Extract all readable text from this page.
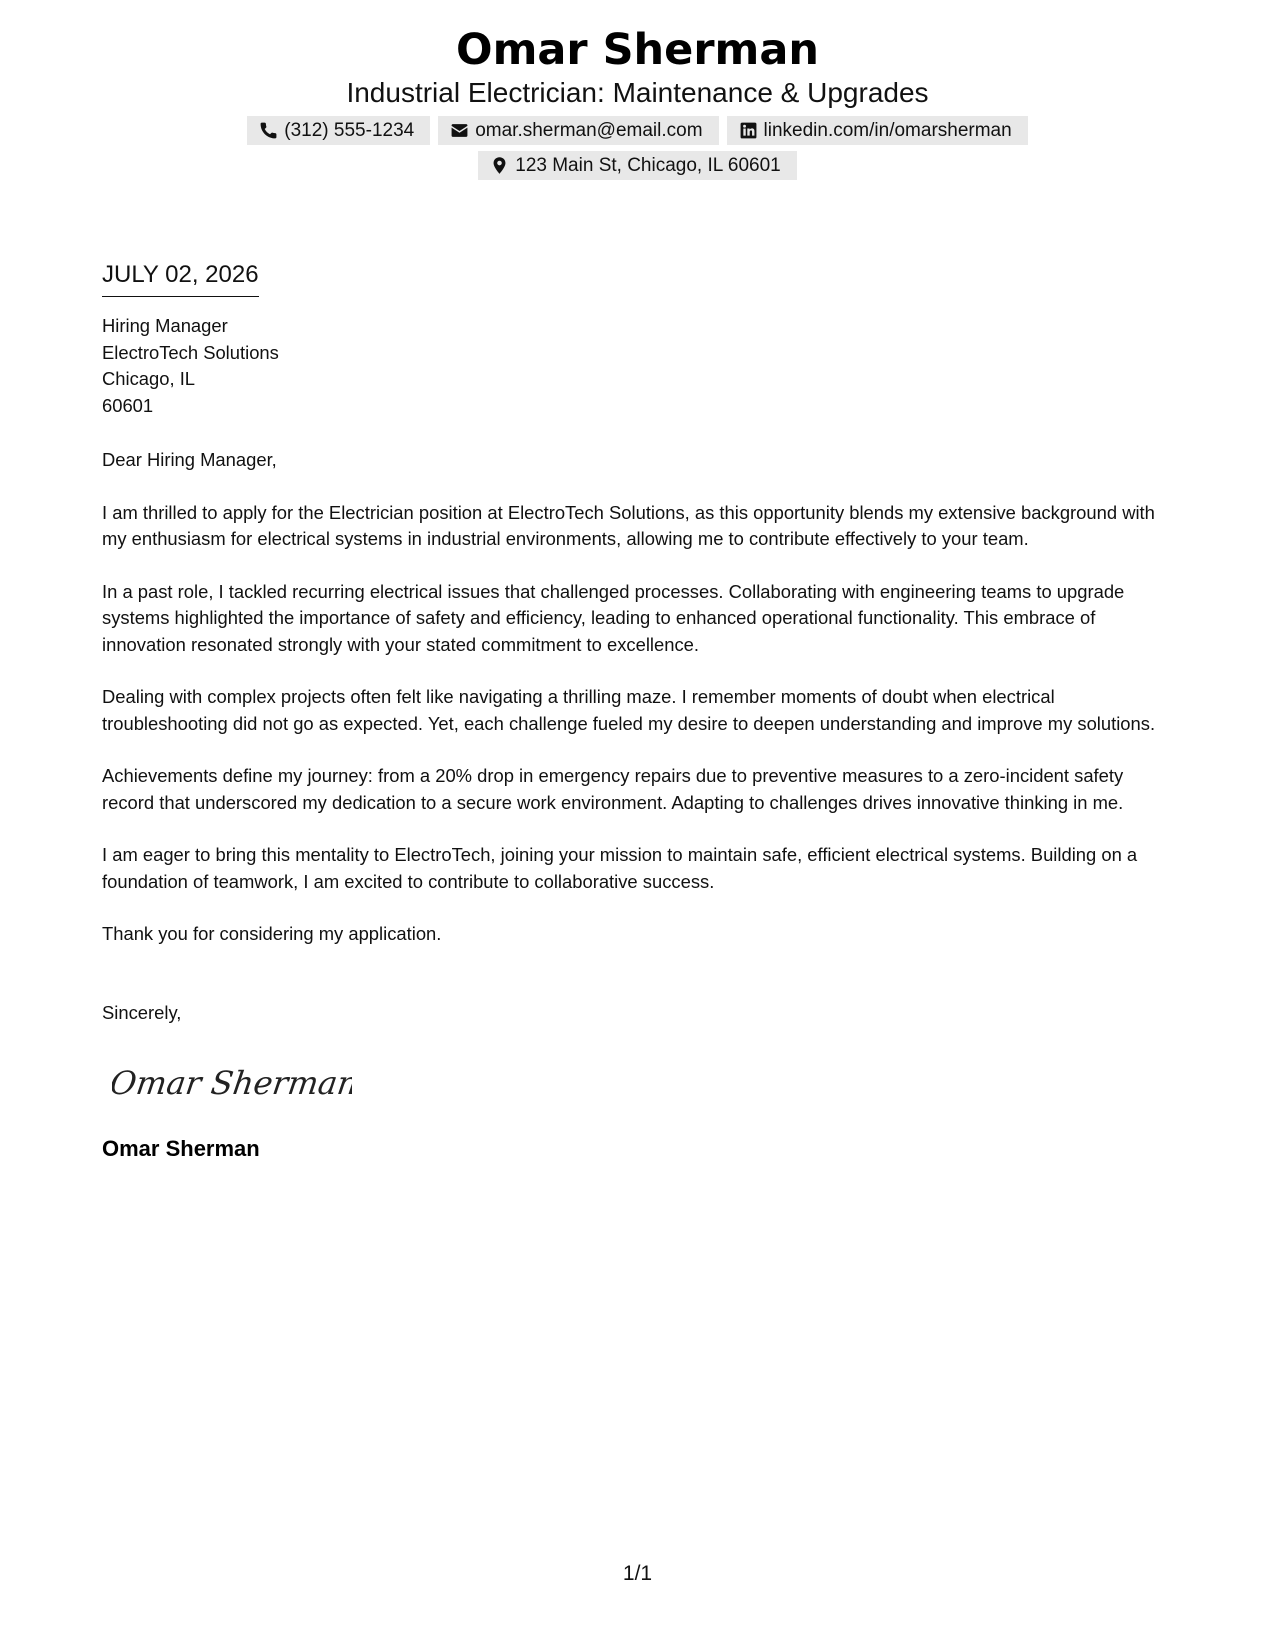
Omar Sherman
Industrial Electrician: Maintenance & Upgrades
(312) 555-1234	omar.sherman@email.com	linkedin.com/in/omarsherman
123 Main St, Chicago, IL 60601
JULY 02, 2026
Hiring Manager
ElectroTech Solutions
Chicago, IL
60601
Dear Hiring Manager,

I am thrilled to apply for the Electrician position at ElectroTech Solutions, as this opportunity blends my extensive background with my enthusiasm for electrical systems in industrial environments, allowing me to contribute effectively to your team.

In a past role, I tackled recurring electrical issues that challenged processes. Collaborating with engineering teams to upgrade systems highlighted the importance of safety and efficiency, leading to enhanced operational functionality. This embrace of innovation resonated strongly with your stated commitment to excellence.

Dealing with complex projects often felt like navigating a thrilling maze. I remember moments of doubt when electrical troubleshooting did not go as expected. Yet, each challenge fueled my desire to deepen understanding and improve my solutions.

Achievements define my journey: from a 20% drop in emergency repairs due to preventive measures to a zero-incident safety record that underscored my dedication to a secure work environment. Adapting to challenges drives innovative thinking in me.

I am eager to bring this mentality to ElectroTech, joining your mission to maintain safe, efficient electrical systems. Building on a foundation of teamwork, I am excited to contribute to collaborative success.

Thank you for considering my application.

Sincerely,
Omar Sherman
Omar Sherman
1/1
